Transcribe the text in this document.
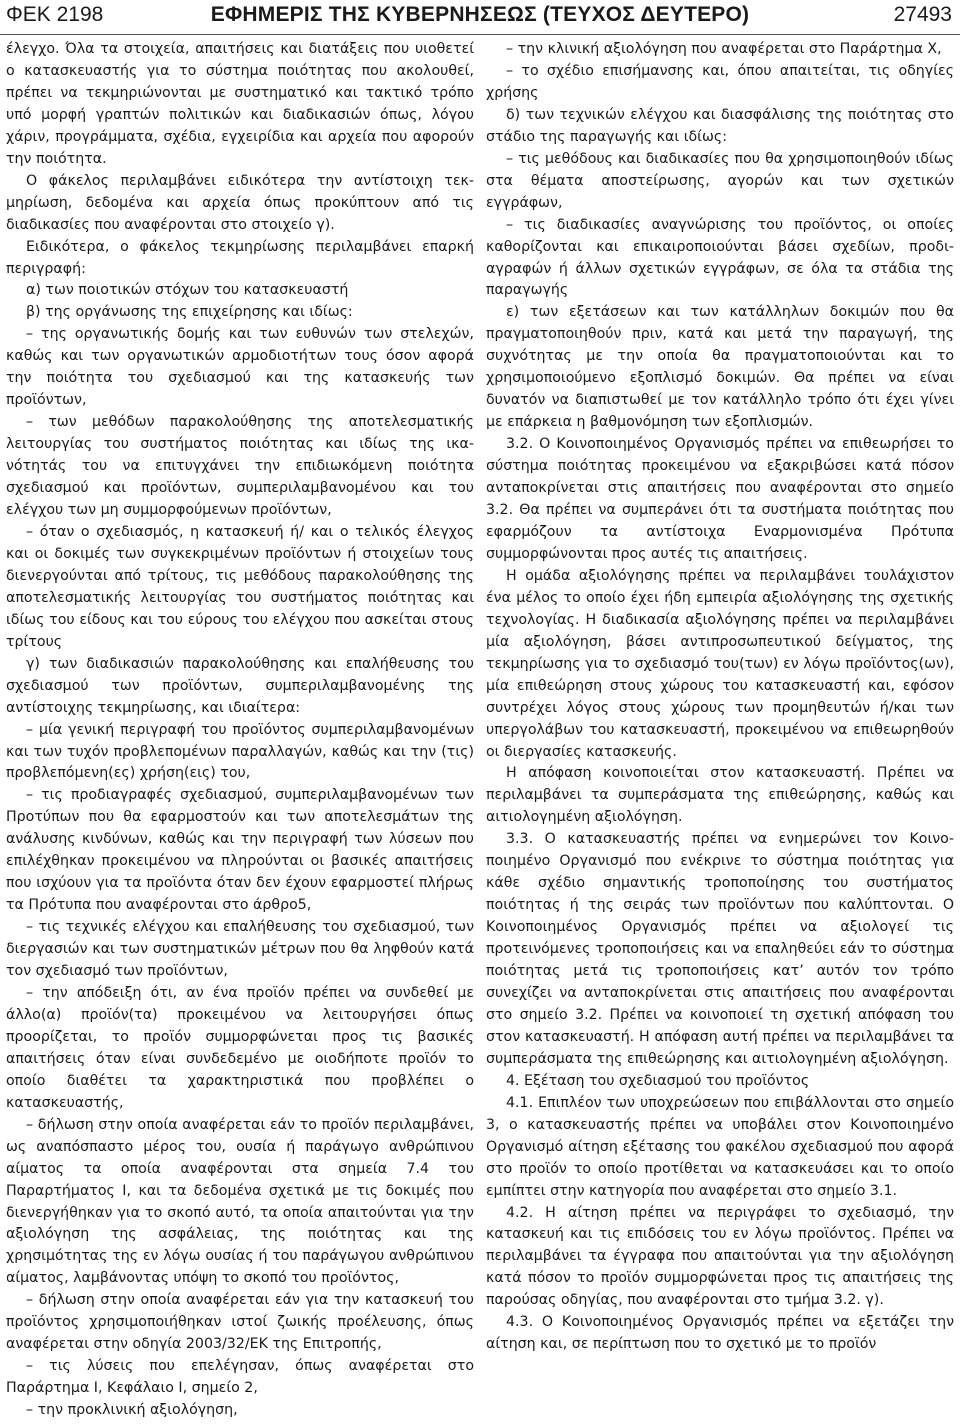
ΦΕΚ 2198	ΕΦΗΜΕΡΙΣ ΤΗΣ ΚΥΒΕΡΝΗΣΕΩΣ (ΤΕΥΧΟΣ ΔΕΥΤΕΡΟ)	27493

έλεγχο. Όλα τα στοιχεία, απαιτήσεις και διατάξεις που υιοθετεί ο κατασκευαστής για το σύστημα ποιότητας που ακολουθεί, πρέπει να τεκμηριώνονται με συστηματικό και τακτικό τρόπο υπό μορφή γραπτών πολιτικών και διαδικασιών όπως, λόγου χάριν, προγράμματα, σχέδια, εγχειρίδια και αρχεία που αφορούν την ποιότητα.

Ο φάκελος περιλαμβάνει ειδικότερα την αντίστοιχη τεκμηρίωση, δεδομένα και αρχεία όπως προκύπτουν από τις διαδικασίες που αναφέρονται στο στοιχείο γ).

Ειδικότερα, ο φάκελος τεκμηρίωσης περιλαμβάνει επαρκή περιγραφή:

α) των ποιοτικών στόχων του κατασκευαστή

β) της οργάνωσης της επιχείρησης και ιδίως:

– της οργανωτικής δομής και των ευθυνών των στελεχών, καθώς και των οργανωτικών αρμοδιοτήτων τους όσον αφορά την ποιότητα του σχεδιασμού και της κατασκευής των προϊόντων,

– των μεθόδων παρακολούθησης της αποτελεσματικής λειτουργίας του συστήματος ποιότητας και ιδίως της ικανότητάς του να επιτυγχάνει την επιδιωκόμενη ποιότητα σχεδιασμού και προϊόντων, συμπεριλαμβανομένου και του ελέγχου των μη συμμορφούμενων προϊόντων,

– όταν ο σχεδιασμός, η κατασκευή ή/ και ο τελικός έλεγχος και οι δοκιμές των συγκεκριμένων προϊόντων ή στοιχείων τους διενεργούνται από τρίτους, τις μεθόδους παρακολούθησης της αποτελεσματικής λειτουργίας του συστήματος ποιότητας και ιδίως του είδους και του εύρους του ελέγχου που ασκείται στους τρίτους

γ) των διαδικασιών παρακολούθησης και επαλήθευσης του σχεδιασμού των προϊόντων, συμπεριλαμβανομένης της αντίστοιχης τεκμηρίωσης, και ιδιαίτερα:

– μία γενική περιγραφή του προϊόντος συμπεριλαμβανομένων και των τυχόν προβλεπομένων παραλλαγών, καθώς και την (τις) προβλεπόμενη(ες) χρήση(εις) του,

– τις προδιαγραφές σχεδιασμού, συμπεριλαμβανομένων των Προτύπων που θα εφαρμοστούν και των αποτελεσμάτων της ανάλυσης κινδύνων, καθώς και την περιγραφή των λύσεων που επιλέχθηκαν προκειμένου να πληρούνται οι βασικές απαιτήσεις που ισχύουν για τα προϊόντα όταν δεν έχουν εφαρμοστεί πλήρως τα Πρότυπα που αναφέρονται στο άρθρο5,

– τις τεχνικές ελέγχου και επαλήθευσης του σχεδιασμού, των διεργασιών και των συστηματικών μέτρων που θα ληφθούν κατά τον σχεδιασμό των προϊόντων,

– την απόδειξη ότι, αν ένα προϊόν πρέπει να συνδεθεί με άλλο(α) προϊόν(τα) προκειμένου να λειτουργήσει όπως προορίζεται, το προϊόν συμμορφώνεται προς τις βασικές απαιτήσεις όταν είναι συνδεδεμένο με οιοδήποτε προϊόν το οποίο διαθέτει τα χαρακτηριστικά που προβλέπει ο κατασκευαστής,

– δήλωση στην οποία αναφέρεται εάν το προϊόν περιλαμβάνει, ως αναπόσπαστο μέρος του, ουσία ή παράγωγο ανθρώπινου αίματος τα οποία αναφέρονται στα σημεία 7.4 του Παραρτήματος Ι, και τα δεδομένα σχετικά με τις δοκιμές που διενεργήθηκαν για το σκοπό αυτό, τα οποία απαιτούνται για την αξιολόγηση της ασφάλειας, της ποιότητας και της χρησιμότητας της εν λόγω ουσίας ή του παράγωγου ανθρώπινου αίματος, λαμβάνοντας υπόψη το σκοπό του προϊόντος,

– δήλωση στην οποία αναφέρεται εάν για την κατασκευή του προϊόντος χρησιμοποιήθηκαν ιστοί ζωικής προέλευσης, όπως αναφέρεται στην οδηγία 2003/32/ΕΚ της Επιτροπής,

– τις λύσεις που επελέγησαν, όπως αναφέρεται στο Παράρτημα Ι, Κεφάλαιο Ι, σημείο 2,

– την προκλινική αξιολόγηση,

– την κλινική αξιολόγηση που αναφέρεται στο Παράρτημα Χ,

– το σχέδιο επισήμανσης και, όπου απαιτείται, τις οδηγίες χρήσης

δ) των τεχνικών ελέγχου και διασφάλισης της ποιότητας στο στάδιο της παραγωγής και ιδίως:

– τις μεθόδους και διαδικασίες που θα χρησιμοποιηθούν ιδίως στα θέματα αποστείρωσης, αγορών και των σχετικών εγγράφων,

– τις διαδικασίες αναγνώρισης του προϊόντος, οι οποίες καθορίζονται και επικαιροποιούνται βάσει σχεδίων, προδιαγραφών ή άλλων σχετικών εγγράφων, σε όλα τα στάδια της παραγωγής

ε) των εξετάσεων και των κατάλληλων δοκιμών που θα πραγματοποιηθούν πριν, κατά και μετά την παραγωγή, της συχνότητας με την οποία θα πραγματοποιούνται και το χρησιμοποιούμενο εξοπλισμό δοκιμών. Θα πρέπει να είναι δυνατόν να διαπιστωθεί με τον κατάλληλο τρόπο ότι έχει γίνει με επάρκεια η βαθμονόμηση των εξοπλισμών.

3.2. Ο Κοινοποιημένος Οργανισμός πρέπει να επιθεωρήσει το σύστημα ποιότητας προκειμένου να εξακριβώσει κατά πόσον ανταποκρίνεται στις απαιτήσεις που αναφέρονται στο σημείο 3.2. Θα πρέπει να συμπεράνει ότι τα συστήματα ποιότητας που εφαρμόζουν τα αντίστοιχα Εναρμονισμένα Πρότυπα συμμορφώνονται προς αυτές τις απαιτήσεις.

Η ομάδα αξιολόγησης πρέπει να περιλαμβάνει τουλάχιστον ένα μέλος το οποίο έχει ήδη εμπειρία αξιολόγησης της σχετικής τεχνολογίας. Η διαδικασία αξιολόγησης πρέπει να περιλαμβάνει μία αξιολόγηση, βάσει αντιπροσωπευτικού δείγματος, της τεκμηρίωσης για το σχεδιασμό του(των) εν λόγω προϊόντος(ων), μία επιθεώρηση στους χώρους του κατασκευαστή και, εφόσον συντρέχει λόγος στους χώρους των προμηθευτών ή/και των υπεργολάβων του κατασκευαστή, προκειμένου να επιθεωρηθούν οι διεργασίες κατασκευής.

Η απόφαση κοινοποιείται στον κατασκευαστή. Πρέπει να περιλαμβάνει τα συμπεράσματα της επιθεώρησης, καθώς και αιτιολογημένη αξιολόγηση.

3.3. Ο κατασκευαστής πρέπει να ενημερώνει τον Κοινοποιημένο Οργανισμό που ενέκρινε το σύστημα ποιότητας για κάθε σχέδιο σημαντικής τροποποίησης του συστήματος ποιότητας ή της σειράς των προϊόντων που καλύπτονται. Ο Κοινοποιημένος Οργανισμός πρέπει να αξιολογεί τις προτεινόμενες τροποποιήσεις και να επαληθεύει εάν το σύστημα ποιότητας μετά τις τροποποιήσεις κατ’ αυτόν τον τρόπο συνεχίζει να ανταποκρίνεται στις απαιτήσεις που αναφέρονται στο σημείο 3.2. Πρέπει να κοινοποιεί τη σχετική απόφαση του στον κατασκευαστή. Η απόφαση αυτή πρέπει να περιλαμβάνει τα συμπεράσματα της επιθεώρησης και αιτιολογημένη αξιολόγηση.

4. Εξέταση του σχεδιασμού του προϊόντος

4.1. Επιπλέον των υποχρεώσεων που επιβάλλονται στο σημείο 3, ο κατασκευαστής πρέπει να υποβάλει στον Κοινοποιημένο Οργανισμό αίτηση εξέτασης του φακέλου σχεδιασμού που αφορά στο προϊόν το οποίο προτίθεται να κατασκευάσει και το οποίο εμπίπτει στην κατηγορία που αναφέρεται στο σημείο 3.1.

4.2. Η αίτηση πρέπει να περιγράφει το σχεδιασμό, την κατασκευή και τις επιδόσεις του εν λόγω προϊόντος. Πρέπει να περιλαμβάνει τα έγγραφα που απαιτούνται για την αξιολόγηση κατά πόσον το προϊόν συμμορφώνεται προς τις απαιτήσεις της παρούσας οδηγίας, που αναφέρονται στο τμήμα 3.2. γ).

4.3. Ο Κοινοποιημένος Οργανισμός πρέπει να εξετάζει την αίτηση και, σε περίπτωση που το σχετικό με το προϊόν
